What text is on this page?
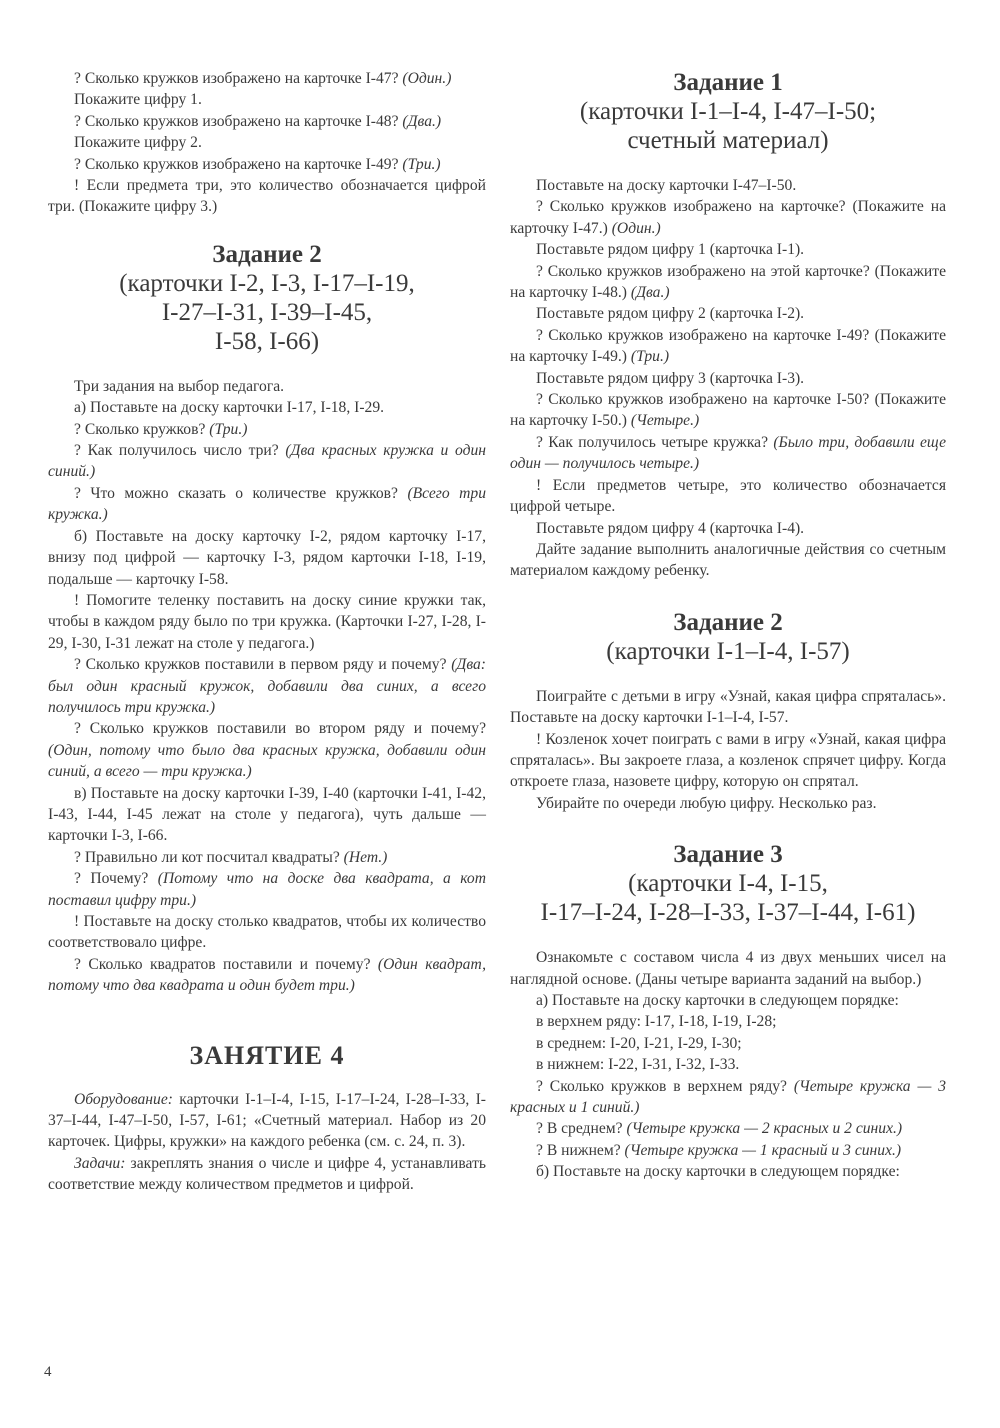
? Сколько кружков изображено на карточке I-47? (Один.)

Покажите цифру 1.

? Сколько кружков изображено на карточке I-48? (Два.)

Покажите цифру 2.

? Сколько кружков изображено на карточке I-49? (Три.)

! Если предмета три, это количество обозначается цифрой три. (Покажите цифру 3.)

Задание 2
(карточки I-2, I-3, I-17–I-19,
I-27–I-31, I-39–I-45,
I-58, I-66)

Три задания на выбор педагога.

а) Поставьте на доску карточки I-17, I-18, I-29.

? Сколько кружков? (Три.)

? Как получилось число три? (Два красных кружка и один синий.)

? Что можно сказать о количестве кружков? (Всего три кружка.)

б) Поставьте на доску карточку I-2, рядом карточку I-17, внизу под цифрой — карточку I-3, рядом карточки I-18, I-19, подальше — карточку I-58.

! Помогите теленку поставить на доску синие кружки так, чтобы в каждом ряду было по три кружка. (Карточки I-27, I-28, I-29, I-30, I-31 лежат на столе у педагога.)

? Сколько кружков поставили в первом ряду и почему? (Два: был один красный кружок, добавили два синих, а всего получилось три кружка.)

? Сколько кружков поставили во втором ряду и почему? (Один, потому что было два красных кружка, добавили один синий, а всего — три кружка.)

в) Поставьте на доску карточки I-39, I-40 (карточки I-41, I-42, I-43, I-44, I-45 лежат на столе у педагога), чуть дальше — карточки I-3, I-66.

? Правильно ли кот посчитал квадраты? (Нет.)

? Почему? (Потому что на доске два квадрата, а кот поставил цифру три.)

! Поставьте на доску столько квадратов, чтобы их количество соответствовало цифре.

? Сколько квадратов поставили и почему? (Один квадрат, потому что два квадрата и один будет три.)

ЗАНЯТИЕ 4

Оборудование: карточки I-1–I-4, I-15, I-17–I-24, I-28–I-33, I-37–I-44, I-47–I-50, I-57, I-61; «Счетный материал. Набор из 20 карточек. Цифры, кружки» на каждого ребенка (см. с. 24, п. 3).

Задачи: закреплять знания о числе и цифре 4, устанавливать соответствие между количеством предметов и цифрой.

Задание 1
(карточки I-1–I-4, I-47–I-50;
счетный материал)

Поставьте на доску карточки I-47–I-50.

? Сколько кружков изображено на карточке? (Покажите на карточку I-47.) (Один.)

Поставьте рядом цифру 1 (карточка I-1).

? Сколько кружков изображено на этой карточке? (Покажите на карточку I-48.) (Два.)

Поставьте рядом цифру 2 (карточка I-2).

? Сколько кружков изображено на карточке I-49? (Покажите на карточку I-49.) (Три.)

Поставьте рядом цифру 3 (карточка I-3).

? Сколько кружков изображено на карточке I-50? (Покажите на карточку I-50.) (Четыре.)

? Как получилось четыре кружка? (Было три, добавили еще один — получилось четыре.)

! Если предметов четыре, это количество обозначается цифрой четыре.

Поставьте рядом цифру 4 (карточка I-4).

Дайте задание выполнить аналогичные действия со счетным материалом каждому ребенку.

Задание 2
(карточки I-1–I-4, I-57)

Поиграйте с детьми в игру «Узнай, какая цифра спряталась». Поставьте на доску карточки I-1–I-4, I-57.

! Козленок хочет поиграть с вами в игру «Узнай, какая цифра спряталась». Вы закроете глаза, а козленок спрячет цифру. Когда откроете глаза, назовете цифру, которую он спрятал.

Убирайте по очереди любую цифру. Несколько раз.

Задание 3
(карточки I-4, I-15,
I-17–I-24, I-28–I-33, I-37–I-44, I-61)

Ознакомьте с составом числа 4 из двух меньших чисел на наглядной основе. (Даны четыре варианта заданий на выбор.)

а) Поставьте на доску карточки в следующем порядке:

в верхнем ряду: I-17, I-18, I-19, I-28;

в среднем: I-20, I-21, I-29, I-30;

в нижнем: I-22, I-31, I-32, I-33.

? Сколько кружков в верхнем ряду? (Четыре кружка — 3 красных и 1 синий.)

? В среднем? (Четыре кружка — 2 красных и 2 синих.)

? В нижнем? (Четыре кружка — 1 красный и 3 синих.)

б) Поставьте на доску карточки в следующем порядке:

4
